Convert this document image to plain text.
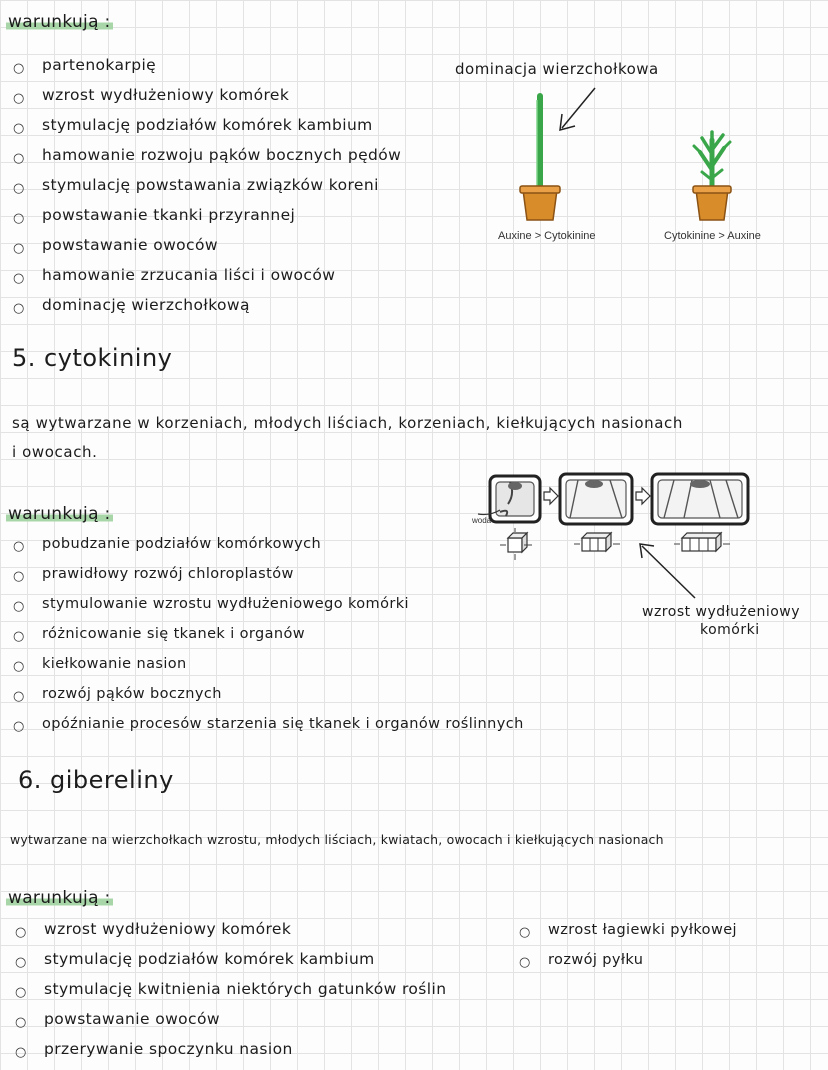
warunkują :
○ partenokarpię
○ wzrost wydłużeniowy komórek
○ stymulację podziałów komórek kambium
○ hamowanie rozwoju pąków bocznych pędów
○ stymulację powstawania związków koreni
○ powstawanie tkanki przyrannej
○ powstawanie owoców
○ hamowanie zrzucania liści i owoców
○ dominację wierzchołkową
dominacja wierzchołkowa
Auxine > Cytokinine	Cytokinine > Auxine
5. cytokininy
są wytwarzane w korzeniach, młodych liściach, korzeniach, kiełkujących nasionach
i owocach.
warunkują :
○ pobudzanie podziałów komórkowych
○ prawidłowy rozwój chloroplastów
○ stymulowanie wzrostu wydłużeniowego komórki
○ różnicowanie się tkanek i organów
○ kiełkowanie nasion
○ rozwój pąków bocznych
○ opóźnianie procesów starzenia się tkanek i organów roślinnych
woda
wzrost wydłużeniowy
komórki
6. gibereliny
wytwarzane na wierzchołkach wzrostu, młodych liściach, kwiatach, owocach i kiełkujących nasionach
warunkują :
○ wzrost wydłużeniowy komórek
○ stymulację podziałów komórek kambium
○ stymulację kwitnienia niektórych gatunków roślin
○ powstawanie owoców
○ przerywanie spoczynku nasion
○ wzrost łagiewki pyłkowej
○ rozwój pyłku
